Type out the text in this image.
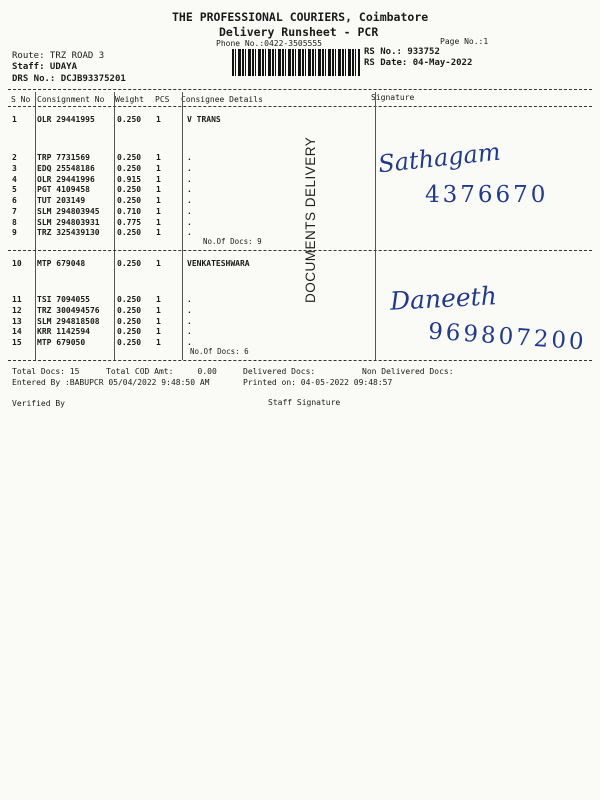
THE PROFESSIONAL COURIERS, Coimbatore
Delivery Runsheet - PCR
Phone No.:0422-3505555	Page No.:1
Route: TRZ ROAD 3
Staff: UDAYA
DRS No.: DCJB93375201
RS No.: 933752
RS Date: 04-May-2022
S No Consignment No Weight PCS Consignee Details	Signature
1	OLR 29441995	0.250 1	V TRANS
2	TRP 7731569	0.250 1	.
3	EDQ 25548186	0.250 1	.
4	OLR 29441996	0.915 1	.
5	PGT 4109458	0.250 1	.
6	TUT 203149	0.250 1	.
7	SLM 294803945 0.710 1	.
8	SLM 294803931 0.775 1	.
9	TRZ 325439130 0.250 1	.
No.Of Docs: 9
10 MTP 679048	0.250 1	VENKATESHWARA
11 TSI 7094055	0.250 1	.
12 TRZ 300494576 0.250 1	.
13 SLM 294818508 0.250 1	.
14 KRR 1142594	0.250 1	.
15 MTP 679050	0.250 1	.
No.Of Docs: 6
DOCUMENTS DELIVERY	Sathagam
4376670
Daneeth
969807200
Total Docs: 15	Total COD Amt:     0.00	Delivered Docs:	Non Delivered Docs:
Entered By :BABUPCR 05/04/2022 9:48:50 AM	Printed on: 04-05-2022 09:48:57
Verified By	Staff Signature
